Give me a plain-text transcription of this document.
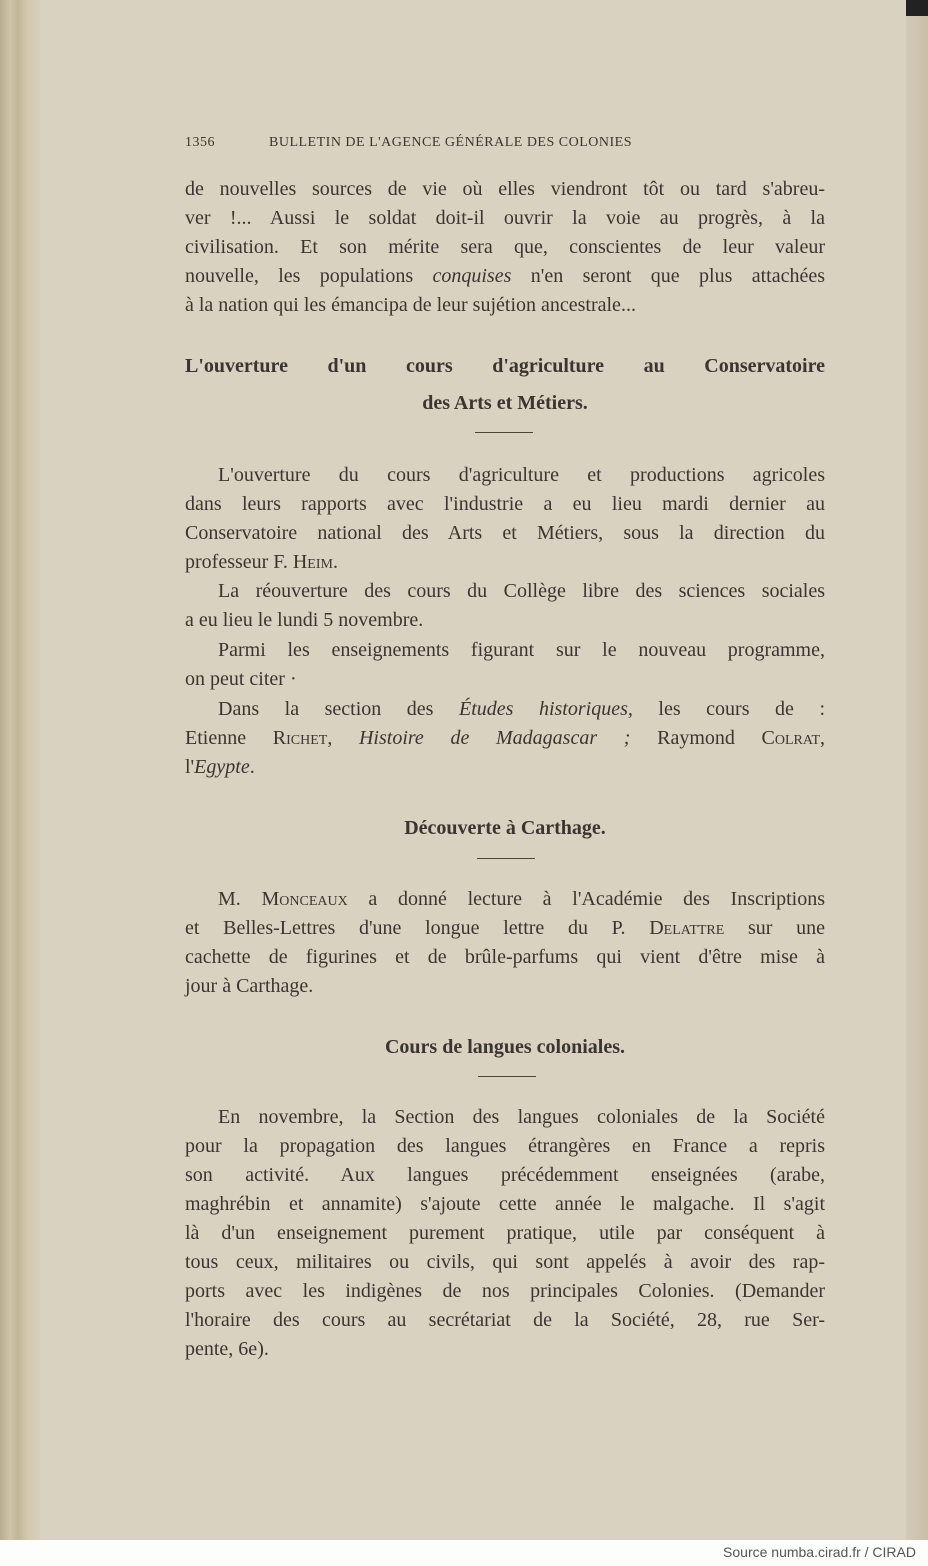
1356	BULLETIN DE L'AGENCE GÉNÉRALE DES COLONIES
de nouvelles sources de vie où elles viendront tôt ou tard s'abreu-
ver !... Aussi le soldat doit-il ouvrir la voie au progrès, à la
civilisation. Et son mérite sera que, conscientes de leur valeur
nouvelle, les populations conquises n'en seront que plus attachées
à la nation qui les émancipa de leur sujétion ancestrale...
L'ouverture d'un cours d'agriculture au Conservatoire
des Arts et Métiers.
L'ouverture du cours d'agriculture et productions agricoles
dans leurs rapports avec l'industrie a eu lieu mardi dernier au
Conservatoire national des Arts et Métiers, sous la direction du
professeur F. Heim.
La réouverture des cours du Collège libre des sciences sociales
a eu lieu le lundi 5 novembre.
Parmi les enseignements figurant sur le nouveau programme,
on peut citer ·
Dans la section des Études historiques, les cours de :
Etienne Richet, Histoire de Madagascar ; Raymond Colrat,
l'Egypte.
Découverte à Carthage.
M. Monceaux a donné lecture à l'Académie des Inscriptions
et Belles-Lettres d'une longue lettre du P. Delattre sur une
cachette de figurines et de brûle-parfums qui vient d'être mise à
jour à Carthage.
Cours de langues coloniales.
En novembre, la Section des langues coloniales de la Société
pour la propagation des langues étrangères en France a repris
son activité. Aux langues précédemment enseignées (arabe,
maghrébin et annamite) s'ajoute cette année le malgache. Il s'agit
là d'un enseignement purement pratique, utile par conséquent à
tous ceux, militaires ou civils, qui sont appelés à avoir des rap-
ports avec les indigènes de nos principales Colonies. (Demander
l'horaire des cours au secrétariat de la Société, 28, rue Ser-
pente, 6e).
Source numba.cirad.fr / CIRAD
